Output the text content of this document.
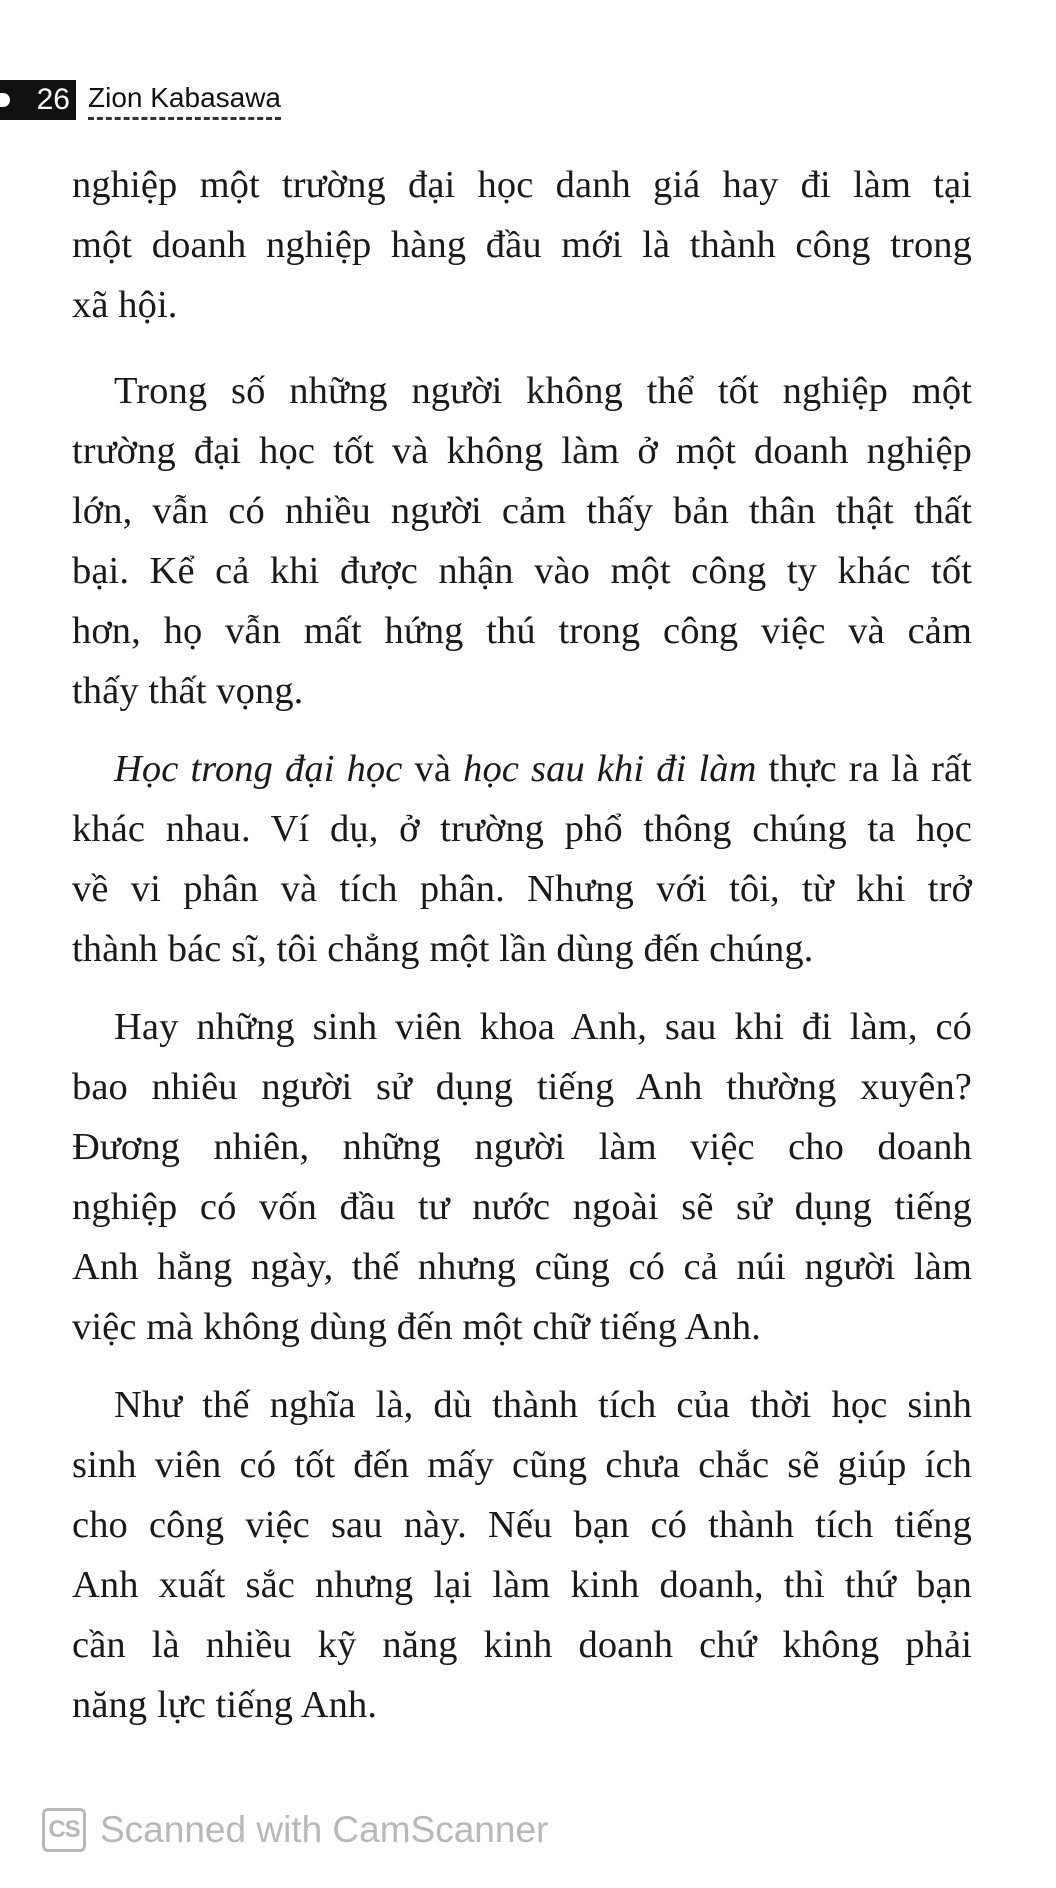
26 Zion Kabasawa

nghiệp một trường đại học danh giá hay đi làm tại
một doanh nghiệp hàng đầu mới là thành công trong
xã hội.

Trong số những người không thể tốt nghiệp một
trường đại học tốt và không làm ở một doanh nghiệp
lớn, vẫn có nhiều người cảm thấy bản thân thật thất
bại. Kể cả khi được nhận vào một công ty khác tốt
hơn, họ vẫn mất hứng thú trong công việc và cảm
thấy thất vọng.

Học trong đại học và học sau khi đi làm thực ra là rất
khác nhau. Ví dụ, ở trường phổ thông chúng ta học
về vi phân và tích phân. Nhưng với tôi, từ khi trở
thành bác sĩ, tôi chẳng một lần dùng đến chúng.

Hay những sinh viên khoa Anh, sau khi đi làm, có
bao nhiêu người sử dụng tiếng Anh thường xuyên?
Đương nhiên, những người làm việc cho doanh
nghiệp có vốn đầu tư nước ngoài sẽ sử dụng tiếng
Anh hằng ngày, thế nhưng cũng có cả núi người làm
việc mà không dùng đến một chữ tiếng Anh.

Như thế nghĩa là, dù thành tích của thời học sinh
sinh viên có tốt đến mấy cũng chưa chắc sẽ giúp ích
cho công việc sau này. Nếu bạn có thành tích tiếng
Anh xuất sắc nhưng lại làm kinh doanh, thì thứ bạn
cần là nhiều kỹ năng kinh doanh chứ không phải
năng lực tiếng Anh.

CS Scanned with CamScanner
